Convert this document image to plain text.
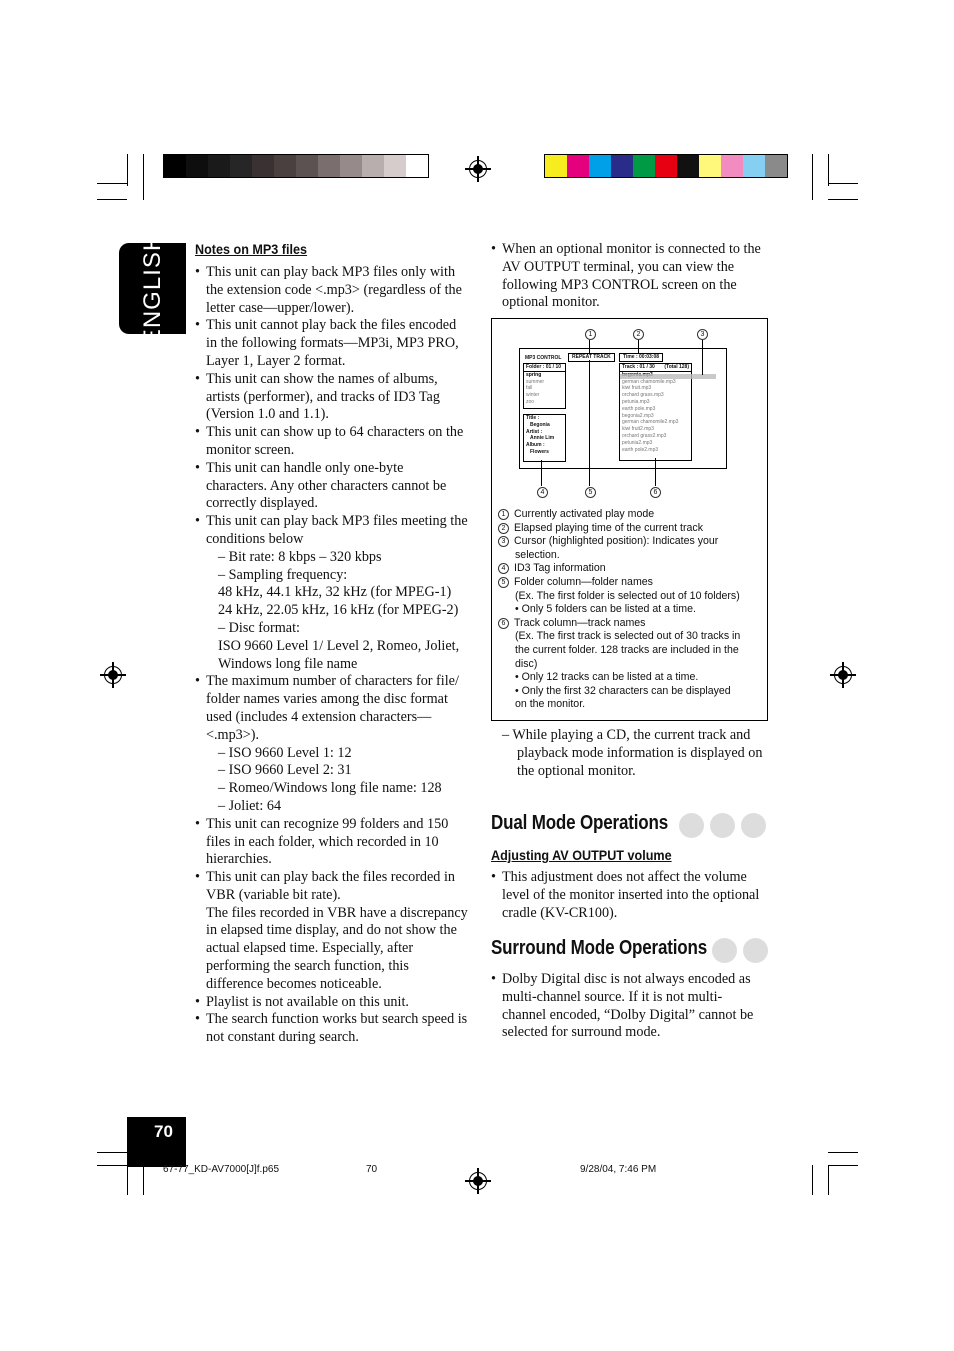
ENGLISH Notes on MP3 files
• This unit can play back MP3 files only with
the extension code <.mp3> (regardless of the
letter case—upper/lower).
• This unit cannot play back the files encoded
in the following formats—MP3i, MP3 PRO,
Layer 1, Layer 2 format.
• This unit can show the names of albums,
artists (performer), and tracks of ID3 Tag
(Version 1.0 and 1.1).
• This unit can show up to 64 characters on the
monitor screen.
• This unit can handle only one-byte
characters. Any other characters cannot be
correctly displayed.
• This unit can play back MP3 files meeting the
conditions below
– Bit rate: 8 kbps – 320 kbps
– Sampling frequency:
48 kHz, 44.1 kHz, 32 kHz (for MPEG-1)
24 kHz, 22.05 kHz, 16 kHz (for MPEG-2)
– Disc format:
ISO 9660 Level 1/ Level 2, Romeo, Joliet,
Windows long file name
• The maximum number of characters for file/
folder names varies among the disc format
used (includes 4 extension characters—
<.mp3>).
– ISO 9660 Level 1: 12
– ISO 9660 Level 2: 31
– Romeo/Windows long file name: 128
– Joliet: 64
• This unit can recognize 99 folders and 150
files in each folder, which recorded in 10
hierarchies.
• This unit can play back the files recorded in
VBR (variable bit rate).
The files recorded in VBR have a discrepancy
in elapsed time display, and do not show the
actual elapsed time. Especially, after
performing the search function, this
difference becomes noticeable.
• Playlist is not available on this unit.
• The search function works but search speed is
not constant during search.
• When an optional monitor is connected to the
AV OUTPUT terminal, you can view the
following MP3 CONTROL screen on the
optional monitor.
MP3 CONTROL	REPEAT TRACK	Time : 00:03:08
Folder : 01 / 10
spring
summer
fall
winter
zoo
Title :
Begonia
Artist :
Annie Lim
Album :
Flowers
Track : 01 / 30 (Total 128)
german chamomile.mp3
kiwi fruit.mp3
orchard grass.mp3
petunia.mp3
earth pole.mp3
begonia2.mp3
german chamomile2.mp3
kiwi fruit2.mp3
orchard grass2.mp3
petunia2.mp3
earth pole2.mp3
1	2	3
4	5	6
1 Currently activated play mode
2 Elapsed playing time of the current track
3 Cursor (highlighted position): Indicates your
selection.
4 ID3 Tag information
5 Folder column—folder names
(Ex. The first folder is selected out of 10 folders)
• Only 5 folders can be listed at a time.
6 Track column—track names
(Ex. The first track is selected out of 30 tracks in
the current folder. 128 tracks are included in the
disc)
• Only 12 tracks can be listed at a time.
• Only the first 32 characters can be displayed
on the monitor.
– While playing a CD, the current track and
playback mode information is displayed on
the optional monitor.
Dual Mode Operations
Adjusting AV OUTPUT volume
• This adjustment does not affect the volume
level of the monitor inserted into the optional
cradle (KV-CR100).
Surround Mode Operations
• Dolby Digital disc is not always encoded as
multi-channel source. If it is not multi-
channel encoded, “Dolby Digital” cannot be
selected for surround mode.
70
67-77_KD-AV7000[J]f.p65	70	9/28/04, 7:46 PM
